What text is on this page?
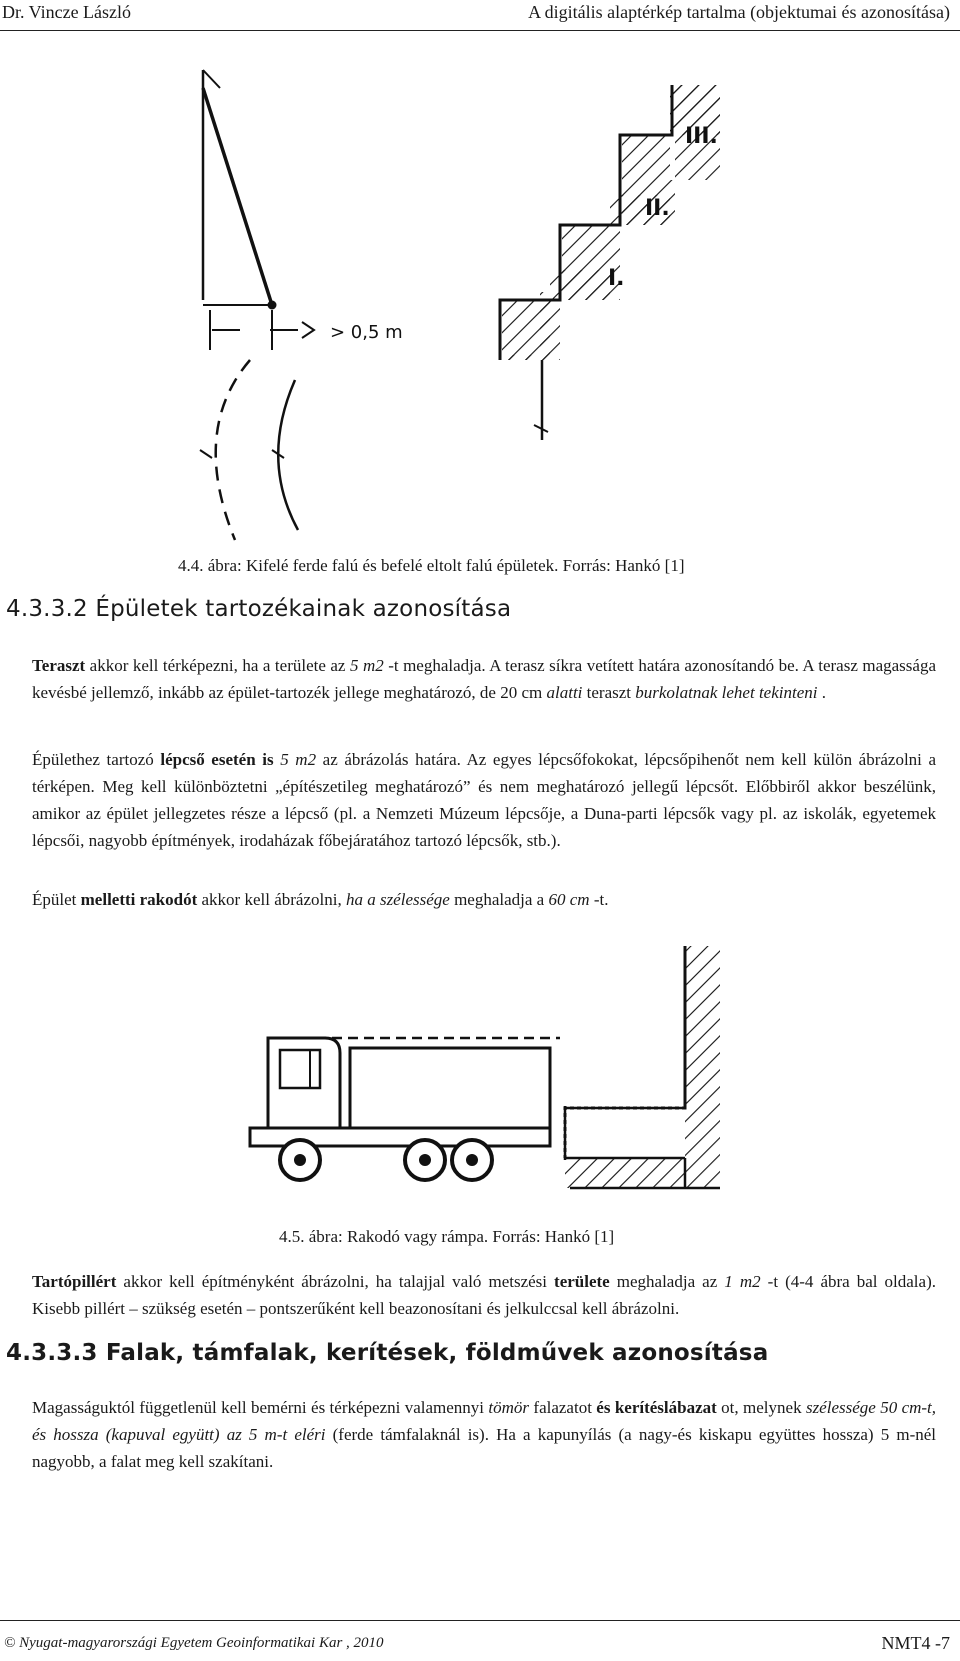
Dr. Vincze László	A digitális alaptérkép tartalma (objektumai és azonosítása)
> 0,5 m
I.
II.
III.
4.4. ábra: Kifelé ferde falú és befelé eltolt falú épületek. Forrás: Hankó [1]
4.3.3.2 Épületek tartozékainak azonosítása
Teraszt akkor kell térképezni, ha a területe az 5 m2 -t meghaladja. A terasz síkra vetített határa azonosítandó be. A terasz magassága kevésbé jellemző, inkább az épület-tartozék jellege meghatározó, de 20 cm alatti teraszt burkolatnak lehet tekinteni .
Épülethez tartozó lépcső esetén is 5 m2 az ábrázolás határa. Az egyes lépcsőfokokat, lépcsőpihenőt nem kell külön ábrázolni a térképen. Meg kell különböztetni „építészetileg meghatározó” és nem meghatározó jellegű lépcsőt. Előbbiről akkor beszélünk, amikor az épület jellegzetes része a lépcső (pl. a Nemzeti Múzeum lépcsője, a Duna-parti lépcsők vagy pl. az iskolák, egyetemek lépcsői, nagyobb építmények, irodaházak főbejáratához tartozó lépcsők, stb.).
Épület melletti rakodót akkor kell ábrázolni, ha a szélessége meghaladja a 60 cm -t.
4.5. ábra: Rakodó vagy rámpa. Forrás: Hankó [1]
Tartópillért akkor kell építményként ábrázolni, ha talajjal való metszési területe meghaladja az 1 m2 -t (4-4 ábra bal oldala). Kisebb pillért – szükség esetén – pontszerűként kell beazonosítani és jelkulccsal kell ábrázolni.
4.3.3.3 Falak, támfalak, kerítések, földművek azonosítása
Magasságuktól függetlenül kell bemérni és térképezni valamennyi tömör falazatot és kerítéslábazat ot, melynek szélessége 50 cm-t, és hossza (kapuval együtt) az 5 m-t eléri (ferde támfalaknál is). Ha a kapunyílás (a nagy-és kiskapu együttes hossza) 5 m-nél nagyobb, a falat meg kell szakítani.
© Nyugat-magyarországi Egyetem Geoinformatikai Kar , 2010	NMT4 -7
